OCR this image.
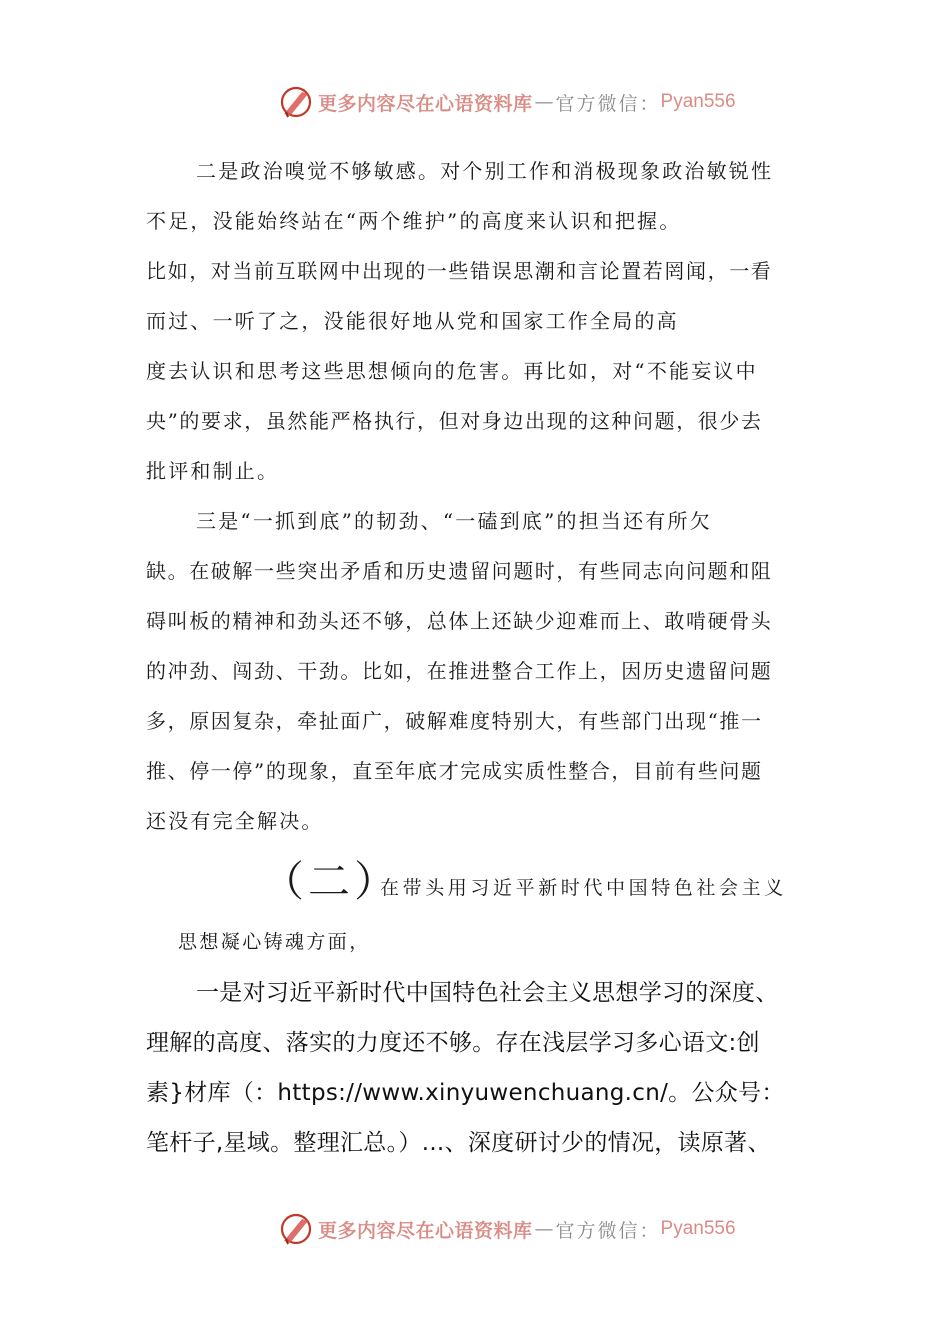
更多内容尽在心语资料库 — 官方微信： Pyan556
二是政治嗅觉不够敏感。对个别工作和消极现象政治敏锐性
不足，没能始终站在“两个维护”的高度来认识和把握。
比如，对当前互联网中出现的一些错误思潮和言论置若罔闻，一看
而过、一听了之，没能很好地从党和国家工作全局的高
度去认识和思考这些思想倾向的危害。再比如，对“不能妄议中
央”的要求，虽然能严格执行，但对身边出现的这种问题，很少去
批评和制止。
三是“一抓到底”的韧劲、“一磕到底”的担当还有所欠
缺。在破解一些突出矛盾和历史遗留问题时，有些同志向问题和阻
碍叫板的精神和劲头还不够，总体上还缺少迎难而上、敢啃硬骨头
的冲劲、闯劲、干劲。比如，在推进整合工作上，因历史遗留问题
多，原因复杂，牵扯面广，破解难度特别大，有些部门出现“推一
推、停一停”的现象，直至年底才完成实质性整合，目前有些问题
还没有完全解决。
（二）
在带头用习近平新时代中国特色社会主义
思想凝心铸魂方面，
一是对习近平新时代中国特色社会主义思想学习的深度、
理解的高度、落实的力度还不够。存在浅层学习多心语文:创
素}材库（：https://www.xinyuwenchuang.cn/。公众号：
笔杆子,星域。整理汇总。）...、深度研讨少的情况，读原著、
更多内容尽在心语资料库 — 官方微信： Pyan556
